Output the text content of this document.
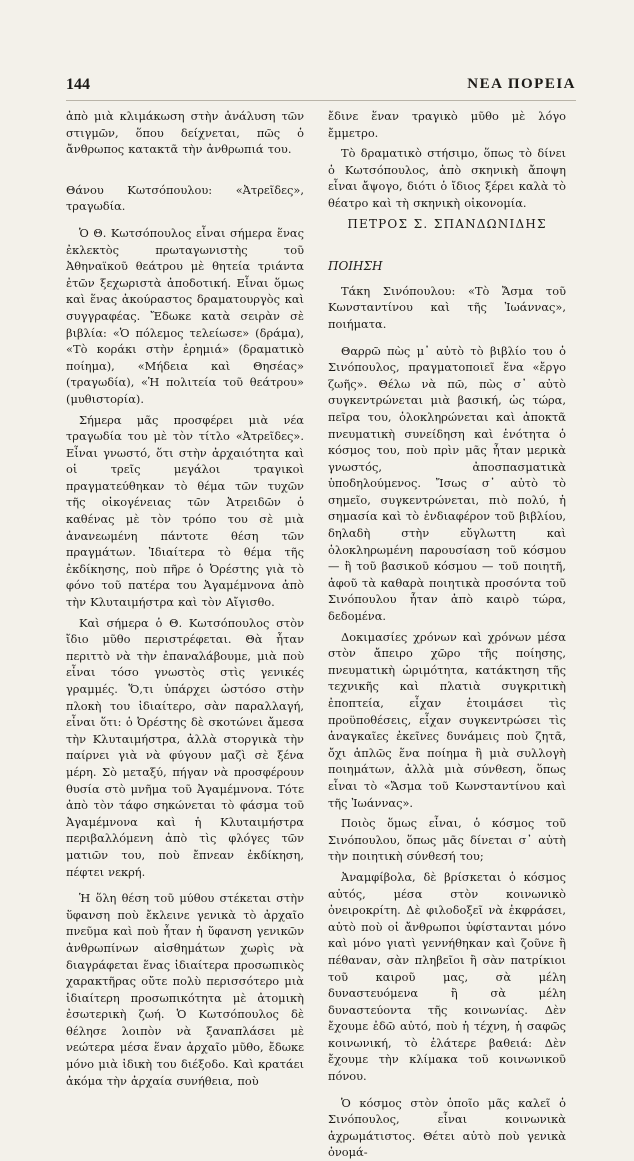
144	ΝΕΑ ΠΟΡΕΙΑ

ἀπὸ μιὰ κλιμάκωση στὴν ἀνάλυση τῶν στιγμῶν, ὅπου δείχνεται, πῶς ὁ ἄνθρωπος κατακτᾶ τὴν ἀνθρωπιά του.

Θάνου Κωτσόπουλου: «Ἀτρεῖδες», τραγωδία.

Ὁ Θ. Κωτσόπουλος εἶναι σήμερα ἕνας ἐκλεκτὸς πρωταγωνιστὴς τοῦ Ἀθηναϊκοῦ θεάτρου μὲ θητεία τριάντα ἐτῶν ξεχωριστὰ ἀποδοτική. Εἶναι ὅμως καὶ ἕνας ἀκούραστος δραματουργὸς καὶ συγγραφέας. Ἔδωκε κατὰ σειρὰν σὲ βιβλία: «Ὁ πόλεμος τελείωσε» (δράμα), «Τὸ κοράκι στὴν ἐρημιά» (δραματικὸ ποίημα), «Μήδεια καὶ Θησέας» (τραγωδία), «Ἡ πολιτεία τοῦ θεάτρου» (μυθιστορία).

Σήμερα μᾶς προσφέρει μιὰ νέα τραγωδία του μὲ τὸν τίτλο «Ἀτρεῖδες». Εἶναι γνωστό, ὅτι στὴν ἀρχαιότητα καὶ οἱ τρεῖς μεγάλοι τραγικοὶ πραγματεύθηκαν τὸ θέμα τῶν τυχῶν τῆς οἰκογένειας τῶν Ἀτρειδῶν ὁ καθένας μὲ τὸν τρόπο του σὲ μιὰ ἀνανεωμένη πάντοτε θέση τῶν πραγμάτων. Ἰδιαίτερα τὸ θέμα τῆς ἐκδίκησης, ποὺ πῆρε ὁ Ὀρέστης γιὰ τὸ φόνο τοῦ πατέρα του Ἀγαμέμνονα ἀπὸ τὴν Κλυταιμήστρα καὶ τὸν Αἴγισθο.

Καὶ σήμερα ὁ Θ. Κωτσόπουλος στὸν ἴδιο μῦθο περιστρέφεται. Θὰ ἦταν περιττὸ νὰ τὴν ἐπαναλάβουμε, μιὰ ποὺ εἶναι τόσο γνωστὸς στὶς γενικές γραμμές. Ὅ,τι ὑπάρχει ὡστόσο στὴν πλοκὴ του ἰδιαίτερο, σὰν παραλλαγή, εἶναι ὅτι: ὁ Ὀρέστης δὲ σκοτώνει ἄμεσα τὴν Κλυταιμήστρα, ἀλλὰ στοργικὰ τὴν παίρνει γιὰ νὰ φύγουν μαζὶ σὲ ξένα μέρη. Σὸ μεταξύ, πήγαν νὰ προσφέρουν θυσία στὸ μνῆμα τοῦ Ἀγαμέμνονα. Τότε ἀπὸ τὸν τάφο σηκώνεται τὸ φάσμα τοῦ Ἀγαμέμνονα καὶ ἡ Κλυταιμήστρα περιβαλλόμενη ἀπὸ τὶς φλόγες τῶν ματιῶν του, ποὺ ἔπνεαν ἐκδίκηση, πέφτει νεκρή.

Ἡ ὅλη θέση τοῦ μύθου στέκεται στὴν ὕφανση ποὺ ἔκλεινε γενικὰ τὸ ἀρχαῖο πνεῦμα καὶ ποὺ ἦταν ἡ ὕφανση γενικῶν ἀνθρωπίνων αἰσθημάτων χωρὶς νὰ διαγράφεται ἕνας ἰδιαίτερα προσωπικὸς χαρακτῆρας οὔτε πολὺ περισσότερο μιὰ ἰδιαίτερη προσωπικότητα μὲ ἀτομικὴ ἐσωτερικὴ ζωή. Ὁ Κωτσόπουλος δὲ θέλησε λοιπὸν νὰ ξαναπλάσει μὲ νεώτερα μέσα ἕναν ἀρχαῖο μῦθο, ἔδωκε μόνο μιὰ ἰδικὴ του διέξοδο. Καὶ κρατάει ἀκόμα τὴν ἀρχαία συνήθεια, ποὺ

ἔδινε ἕναν τραγικὸ μῦθο μὲ λόγο ἔμμετρο.

Τὸ δραματικὸ στήσιμο, ὅπως τὸ δίνει ὁ Κωτσόπουλος, ἀπὸ σκηνικὴ ἄποψη εἶναι ἄψογο, διότι ὁ ἴδιος ξέρει καλὰ τὸ θέατρο καὶ τὴ σκηνικὴ οἰκονομία.

ΠΕΤΡΟΣ Σ. ΣΠΑΝΔΩΝΙΔΗΣ

ΠΟΙΗΣΗ

Τάκη Σινόπουλου: «Τὸ Ἄσμα τοῦ Κωνσταντίνου καὶ τῆς Ἰωάννας», ποιήματα.

Θαρρῶ πὼς μ᾽ αὐτὸ τὸ βιβλίο του ὁ Σινόπουλος, πραγματοποιεῖ ἕνα «ἔργο ζωῆς». Θέλω νὰ πῶ, πὼς σ᾽ αὐτὸ συγκεντρώνεται μιὰ βασική, ὡς τώρα, πεῖρα του, ὁλοκληρώνεται καὶ ἀποκτᾶ πνευματικὴ συνείδηση καὶ ἑνότητα ὁ κόσμος του, ποὺ πρὶν μᾶς ἦταν μερικὰ γνωστός, ἀποσπασματικὰ ὑποδηλούμενος. Ἴσως σ᾽ αὐτὸ τὸ σημεῖο, συγκεντρώνεται, πιὸ πολύ, ἡ σημασία καὶ τὸ ἐνδιαφέρον τοῦ βιβλίου, δηλαδὴ στὴν εὔγλωττη καὶ ὁλοκληρωμένη παρουσίαση τοῦ κόσμου — ἢ τοῦ βασικοῦ κόσμου — τοῦ ποιητῆ, ἀφοῦ τὰ καθαρὰ ποιητικὰ προσόντα τοῦ Σινόπουλου ἦταν ἀπὸ καιρὸ τώρα, δεδομένα.

Δοκιμασίες χρόνων καὶ χρόνων μέσα στὸν ἄπειρο χῶρο τῆς ποίησης, πνευματικὴ ὡριμότητα, κατάκτηση τῆς τεχνικῆς καὶ πλατιὰ συγκριτικὴ ἐποπτεία, εἶχαν ἑτοιμάσει τὶς προϋποθέσεις, εἶχαν συγκεντρώσει τὶς ἀναγκαῖες ἐκεῖνες δυνάμεις ποὺ ζητᾶ, ὄχι ἁπλῶς ἕνα ποίημα ἢ μιὰ συλλογὴ ποιημάτων, ἀλλὰ μιὰ σύνθεση, ὅπως εἶναι τὸ «Ἄσμα τοῦ Κωνσταντίνου καὶ τῆς Ἰωάννας».

Ποιὸς ὅμως εἶναι, ὁ κόσμος τοῦ Σινόπουλου, ὅπως μᾶς δίνεται σ᾽ αὐτὴ τὴν ποιητικὴ σύνθεσή του;

Ἀναμφίβολα, δὲ βρίσκεται ὁ κόσμος αὐτός, μέσα στὸν κοινωνικὸ ὀνειροκρίτη. Δὲ φιλοδοξεῖ νὰ ἐκφράσει, αὐτὸ ποὺ οἱ ἄνθρωποι ὑφίστανται μόνο καὶ μόνο γιατὶ γεννήθηκαν καὶ ζοῦνε ἢ πέθαναν, σὰν πληβεῖοι ἢ σὰν πατρίκιοι τοῦ καιροῦ μας, σὰ μέλη δυναστευόμενα ἢ σὰ μέλη δυναστεύοντα τῆς κοινωνίας. Δὲν ἔχουμε ἐδῶ αὐτό, ποὺ ἡ τέχνη, ἡ σαφῶς κοινωνική, τὸ ἐλάτερε βαθειά: Δὲν ἔχουμε τὴν κλίμακα τοῦ κοινωνικοῦ πόνου.

Ὁ κόσμος στὸν ὁποῖο μᾶς καλεῖ ὁ Σινόπουλος, εἶναι κοινωνικὰ ἀχρωμάτιστος. Θέτει αὐτὸ ποὺ γενικὰ ὀνομά-
